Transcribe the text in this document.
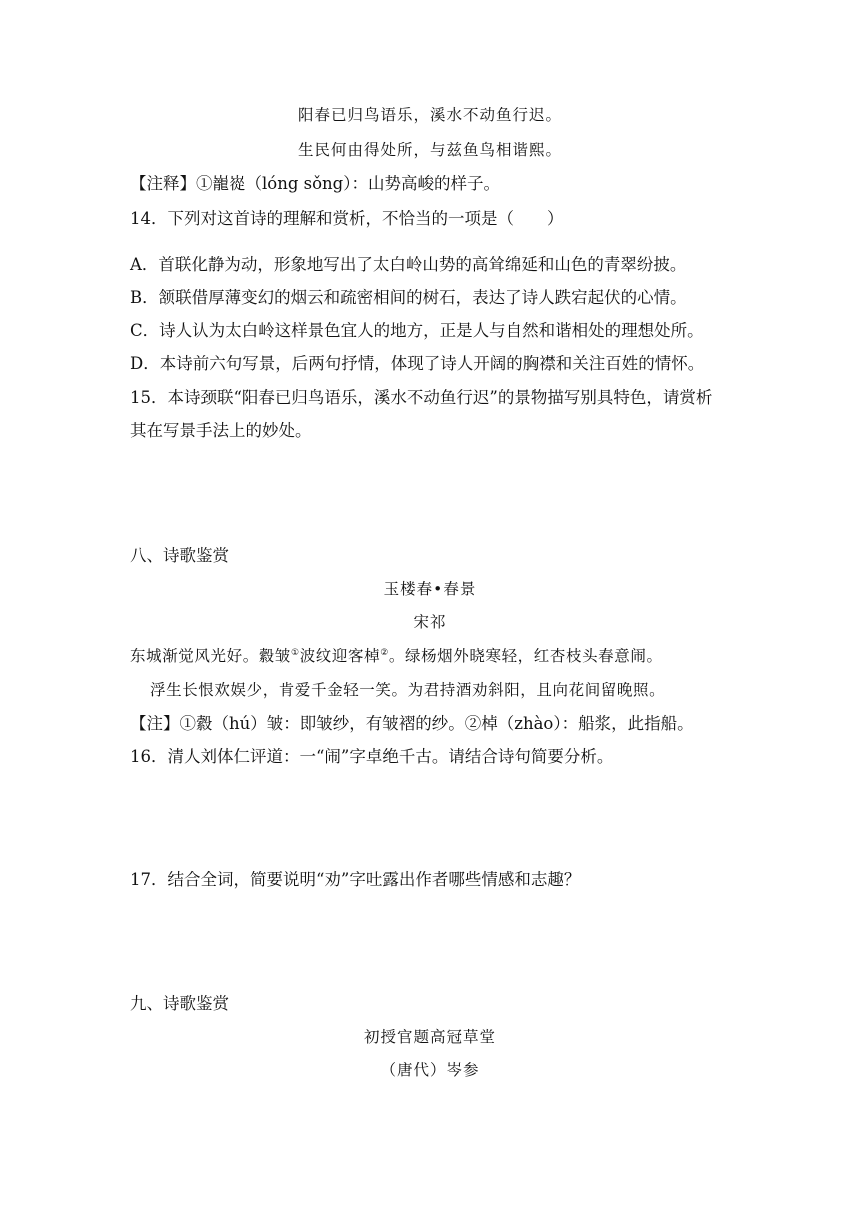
阳春已归鸟语乐，溪水不动鱼行迟。
生民何由得处所，与兹鱼鸟相谐熙。
【注释】①巃嵸（lóng sǒng）：山势高峻的样子。
14．下列对这首诗的理解和赏析，不恰当的一项是（　　）
A．首联化静为动，形象地写出了太白岭山势的高耸绵延和山色的青翠纷披。
B．颔联借厚薄变幻的烟云和疏密相间的树石，表达了诗人跌宕起伏的心情。
C．诗人认为太白岭这样景色宜人的地方，正是人与自然和谐相处的理想处所。
D．本诗前六句写景，后两句抒情，体现了诗人开阔的胸襟和关注百姓的情怀。
15．本诗颈联“阳春已归鸟语乐，溪水不动鱼行迟”的景物描写别具特色，请赏析
其在写景手法上的妙处。
八、诗歌鉴赏
玉楼春•春景
宋祁
东城渐觉风光好。縠皱①波纹迎客棹②。绿杨烟外晓寒轻，红杏枝头春意闹。
浮生长恨欢娱少，肯爱千金轻一笑。为君持酒劝斜阳，且向花间留晚照。
【注】①縠（hú）皱：即皱纱，有皱褶的纱。②棹（zhào）：船浆，此指船。
16．清人刘体仁评道：一“闹”字卓绝千古。请结合诗句简要分析。
17．结合全词，简要说明“劝”字吐露出作者哪些情感和志趣？
九、诗歌鉴赏
初授官题高冠草堂
（唐代）岑参
